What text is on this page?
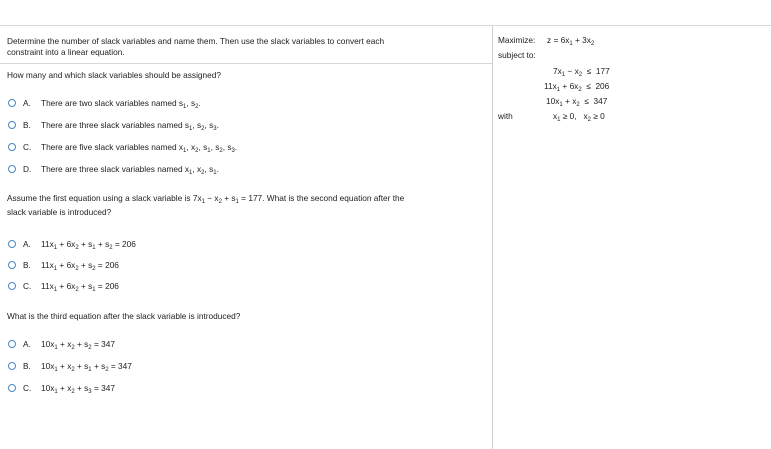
Determine the number of slack variables and name them. Then use the slack variables to convert each
constraint into a linear equation.
Maximize: $z = 6x_1 + 3x_2$
subject to:
$7x_1 - x_2 \le 177$
$11x_1 + 6x_2 \le 206$
$10x_1 + x_2 \le 347$
with	$x_1 \ge 0$,   $x_2 \ge 0$
How many and which slack variables should be assigned?
A. There are two slack variables named $s_1$, $s_2$.
B. There are three slack variables named $s_1$, $s_2$, $s_3$.
C. There are five slack variables named $x_1$, $x_2$, $s_1$, $s_2$, $s_3$.
D. There are three slack variables named $x_1$, $x_2$, $s_1$.
Assume the first equation using a slack variable is $7x_1 - x_2 + s_1 = 177$. What is the second equation after the
slack variable is introduced?
A. $11x_1 + 6x_2 + s_1 + s_2 = 206$
B. $11x_1 + 6x_2 + s_2 = 206$
C. $11x_1 + 6x_2 + s_1 = 206$
What is the third equation after the slack variable is introduced?
A. $10x_1 + x_2 + s_2 = 347$
B. $10x_1 + x_2 + s_1 + s_2 = 347$
C. $10x_1 + x_2 + s_3 = 347$
